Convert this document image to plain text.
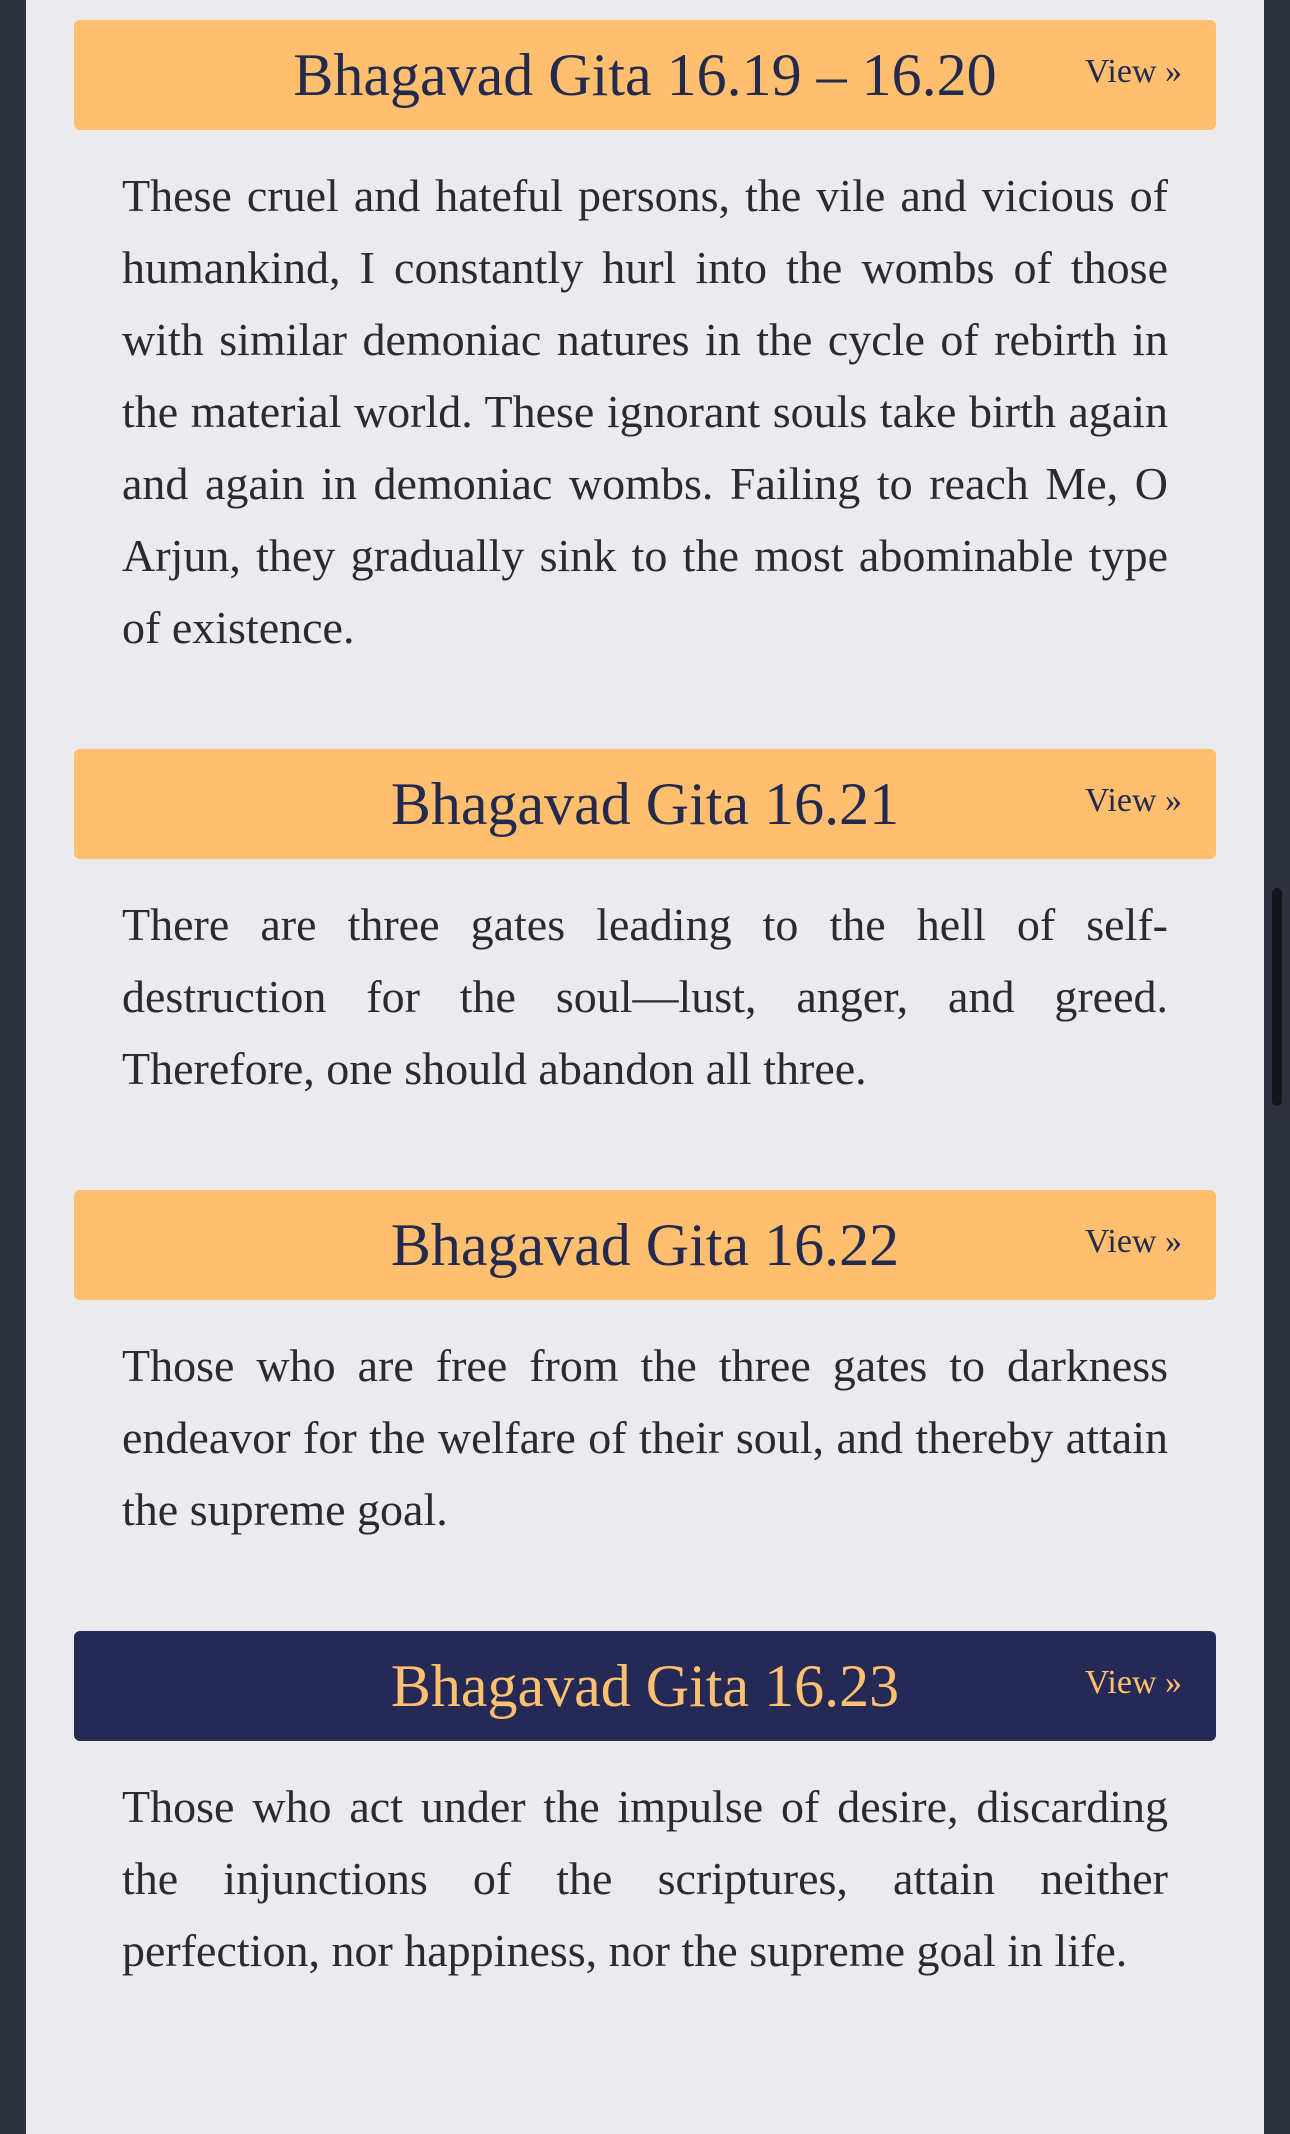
Bhagavad Gita 16.19 – 16.20	View »

These cruel and hateful persons, the vile and vicious of humankind, I constantly hurl into the wombs of those with similar demoniac natures in the cycle of rebirth in the material world. These ignorant souls take birth again and again in demoniac wombs. Failing to reach Me, O Arjun, they gradually sink to the most abominable type of existence.

Bhagavad Gita 16.21	View »

There are three gates leading to the hell of self-destruction for the soul—lust, anger, and greed. Therefore, one should abandon all three.

Bhagavad Gita 16.22	View »

Those who are free from the three gates to darkness endeavor for the welfare of their soul, and thereby attain the supreme goal.

Bhagavad Gita 16.23	View »

Those who act under the impulse of desire, discarding the injunctions of the scriptures, attain neither perfection, nor happiness, nor the supreme goal in life.
